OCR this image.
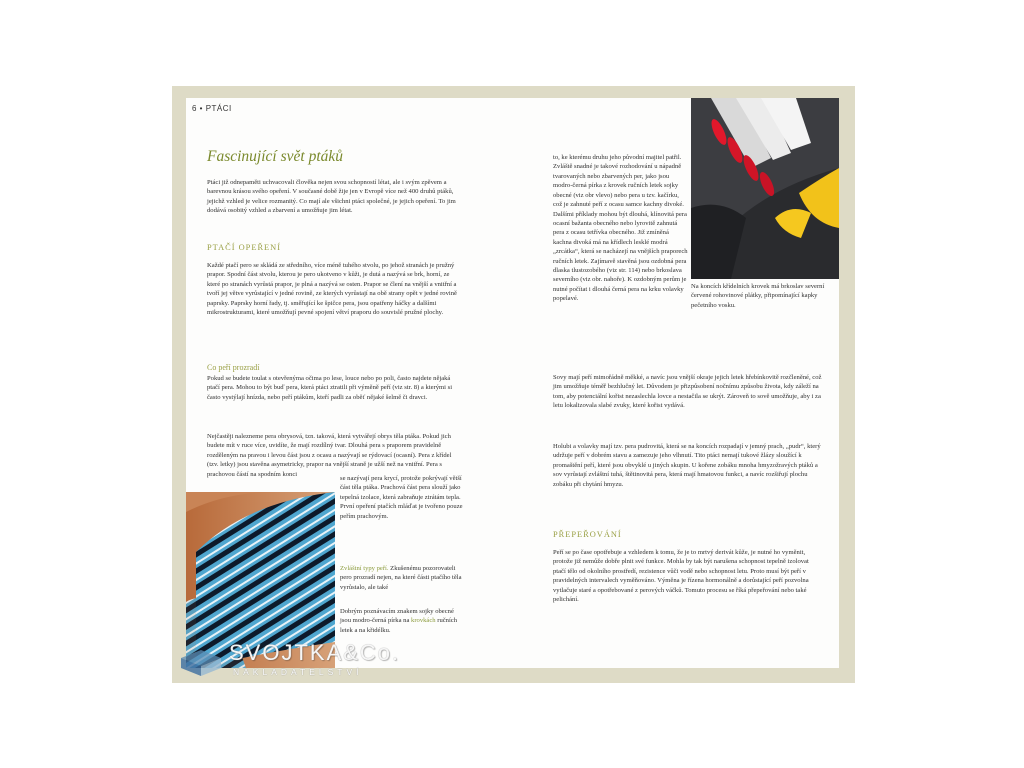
6 • PTÁCI
Fascinující svět ptáků

Ptáci již odnepaměti uchvacovali člověka nejen svou schopností létat, ale i svým zpěvem a barevnou krásou svého opeření. V současné době žije jen v Evropě více než 400 druhů ptáků, jejichž vzhled je velice rozmanitý. Co mají ale všichni ptáci společné, je jejich opeření. To jim dodává osobitý vzhled a zbarvení a umožňuje jim létat.

PTAČÍ OPEŘENÍ

Každé ptačí pero se skládá ze středního, více méně tuhého stvolu, po jehož stranách je pružný prapor. Spodní část stvolu, kterou je pero ukotveno v kůži, je dutá a nazývá se brk, horní, ze které po stranách vyrůstá prapor, je plná a nazývá se osten. Prapor se člení na vnější a vnitřní a tvoří jej větve vyrůstající v jedné rovině, ze kterých vyrůstají na obě strany opět v jedné rovině paprsky. Paprsky horní řady, tj. směřující ke špičce pera, jsou opatřeny háčky a dalšími mikrostrukturami, které umožňují pevné spojení větví praporu do souvislé pružné plochy.

Co peří prozradí

Pokud se budete toulat s otevřenýma očima po lese, louce nebo po poli, často najdete nějaká ptačí pera. Mohou to být buď pera, která ptáci ztratili při výměně peří (viz str. 8) a kterými si často vystýlají hnízda, nebo peří ptákům, kteří padli za oběť nějaké šelmě či dravci.

Nejčastěji nalezneme pera obrysová, tzn. taková, která vytvářejí obrys těla ptáka. Pokud jich budete mít v ruce více, uvidíte, že mají rozdílný tvar. Dlouhá pera s praporem pravidelně rozděleným na pravou i levou část jsou z ocasu a nazývají se rýdovací (ocasní). Pera z křídel (tzv. letky) jsou stavěna asymetricky, prapor na vnější straně je užší než na vnitřní. Pera s prachovou částí na spodním konci

se nazývají pera krycí, protože pokrývají větší část těla ptáka. Prachová část pera slouží jako tepelná izolace, která zabraňuje ztrátám tepla. První opeření ptačích mláďat je tvořeno pouze peřím prachovým.

Zvláštní typy peří. Zkušenému pozorovateli pero prozradí nejen, na které části ptačího těla vyrůstalo, ale také

Dobrým poznávacím znakem sojky obecné jsou modro-černá pírka na krovkách ručních letek a na křidélku.

to, ke kterému druhu jeho původní majitel patřil. Zvláště snadné je takové rozhodování u nápadně tvarovaných nebo zbarvených per, jako jsou modro-černá pírka z krovek ručních letek sojky obecné (viz obr vlevo) nebo pera u tzv. kačírku, což je zahnuté peří z ocasu samce kachny divoké. Dalšími příklady mohou být dlouhá, klínovitá pera ocasní bažanta obecného nebo lyrovitě zahnutá pera z ocasu tetřívka obecného. Již zmíněná kachna divoká má na křídlech lesklé modrá „zrcátka“, která se nacházejí na vnějších praporech ručních letek. Zajímavě stavěná jsou ozdobná pera dlaska tlustozobého (viz str. 114) nebo brkoslava severního (viz obr. nahoře). K ozdobným perům je nutné počítat i dlouhá černá pera na krku volavky popelavé.

Na koncích křídelních krovek má brkoslav severní červené rohovinové plátky, připomínající kapky pečetního vosku.

Sovy mají peří mimořádně měkké, a navíc jsou vnější okraje jejich letek hřebínkovitě rozčleněné, což jim umožňuje téměř bezhlučný let. Důvodem je přizpůsobení nočnímu způsobu života, kdy záleží na tom, aby potenciální kořist nezaslechla lovce a nestačila se ukrýt. Zároveň to sově umožňuje, aby i za letu lokalizovala slabé zvuky, které kořist vydává.

Holubi a volavky mají tzv. pera pudrovitá, která se na koncích rozpadají v jemný prach, „pudr“, který udržuje peří v dobrém stavu a zamezuje jeho vlhnutí. Tito ptáci nemají tukové žlázy sloužící k promaštění peří, které jsou obvyklé u jiných skupin. U kořene zobáku mnoha hmyzožravých ptáků a sov vyrůstají zvláštní tuhá, štětinovitá pera, která mají hmatovou funkci, a navíc rozšiřují plochu zobáku při chytání hmyzu.

PŘEPEŘOVÁNÍ

Peří se po čase opotřebuje a vzhledem k tomu, že je to mrtvý derivát kůže, je nutné ho vyměnit, protože již nemůže dobře plnit své funkce. Mohla by tak být narušena schopnost tepelně izolovat ptačí tělo od okolního prostředí, rezistence vůči vodě nebo schopnost letu. Proto musí být peří v pravidelných intervalech vyměňováno. Výměna je řízena hormonálně a dorůstající peří pozvolna vytlačuje staré a opotřebované z perových váčků. Tomuto procesu se říká přepeřování nebo také pelichání.

SVOJTKA&Co.
NAKLADATELSTVÍ
